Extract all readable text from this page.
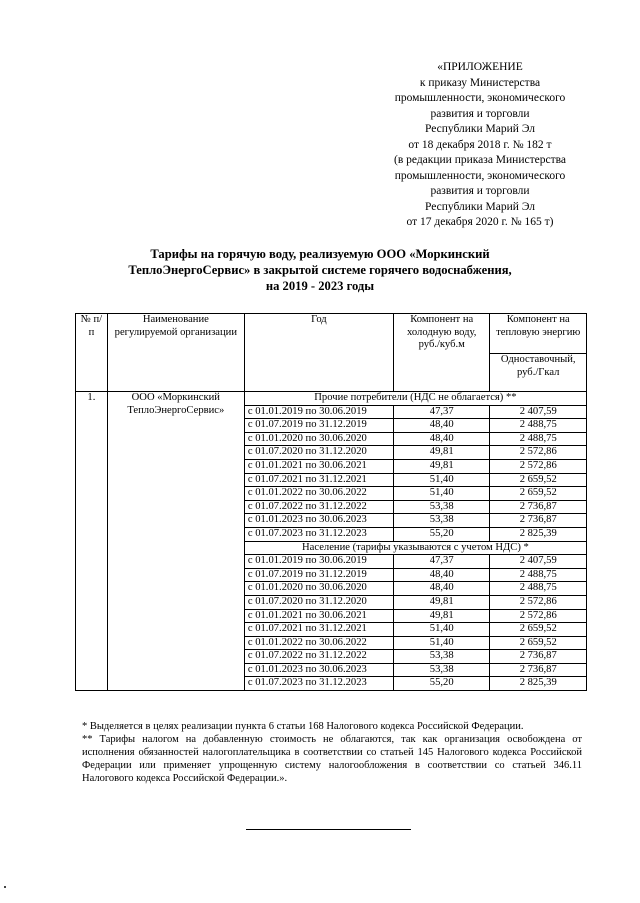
«ПРИЛОЖЕНИЕ
к приказу Министерства
промышленности, экономического
развития и торговли
Республики Марий Эл
от 18 декабря 2018 г. № 182 т
(в редакции приказа Министерства
промышленности, экономического
развития и торговли
Республики Марий Эл
от 17 декабря 2020 г. № 165 т)
Тарифы на горячую воду, реализуемую ООО «Моркинский
ТеплоЭнергоСервис» в закрытой системе горячего водоснабжения,
на 2019 - 2023 годы
№ п/п	Наименование регулируемой организации	Год	Компонент на холодную воду, руб./куб.м	Компонент на тепловую энергию
				Одноставочный, руб./Гкал
1.	ООО «Моркинский ТеплоЭнергоСервис»	Прочие потребители (НДС не облагается) **		
		с 01.01.2019 по 30.06.2019	47,37	2 407,59
		с 01.07.2019 по 31.12.2019	48,40	2 488,75
		с 01.01.2020 по 30.06.2020	48,40	2 488,75
		с 01.07.2020 по 31.12.2020	49,81	2 572,86
		с 01.01.2021 по 30.06.2021	49,81	2 572,86
		с 01.07.2021 по 31.12.2021	51,40	2 659,52
		с 01.01.2022 по 30.06.2022	51,40	2 659,52
		с 01.07.2022 по 31.12.2022	53,38	2 736,87
		с 01.01.2023 по 30.06.2023	53,38	2 736,87
		с 01.07.2023 по 31.12.2023	55,20	2 825,39
		Население (тарифы указываются с учетом НДС) *		
		с 01.01.2019 по 30.06.2019	47,37	2 407,59
		с 01.07.2019 по 31.12.2019	48,40	2 488,75
		с 01.01.2020 по 30.06.2020	48,40	2 488,75
		с 01.07.2020 по 31.12.2020	49,81	2 572,86
		с 01.01.2021 по 30.06.2021	49,81	2 572,86
		с 01.07.2021 по 31.12.2021	51,40	2 659,52
		с 01.01.2022 по 30.06.2022	51,40	2 659,52
		с 01.07.2022 по 31.12.2022	53,38	2 736,87
		с 01.01.2023 по 30.06.2023	53,38	2 736,87
		с 01.07.2023 по 31.12.2023	55,20	2 825,39

* Выделяется в целях реализации пункта 6 статьи 168 Налогового кодекса Российской Федерации.

** Тарифы налогом на добавленную стоимость не облагаются, так как организация освобождена от исполнения обязанностей налогоплательщика в соответствии со статьей 145 Налогового кодекса Российской Федерации или применяет упрощенную систему налогообложения в соответствии со статьей 346.11 Налогового кодекса Российской Федерации.».
